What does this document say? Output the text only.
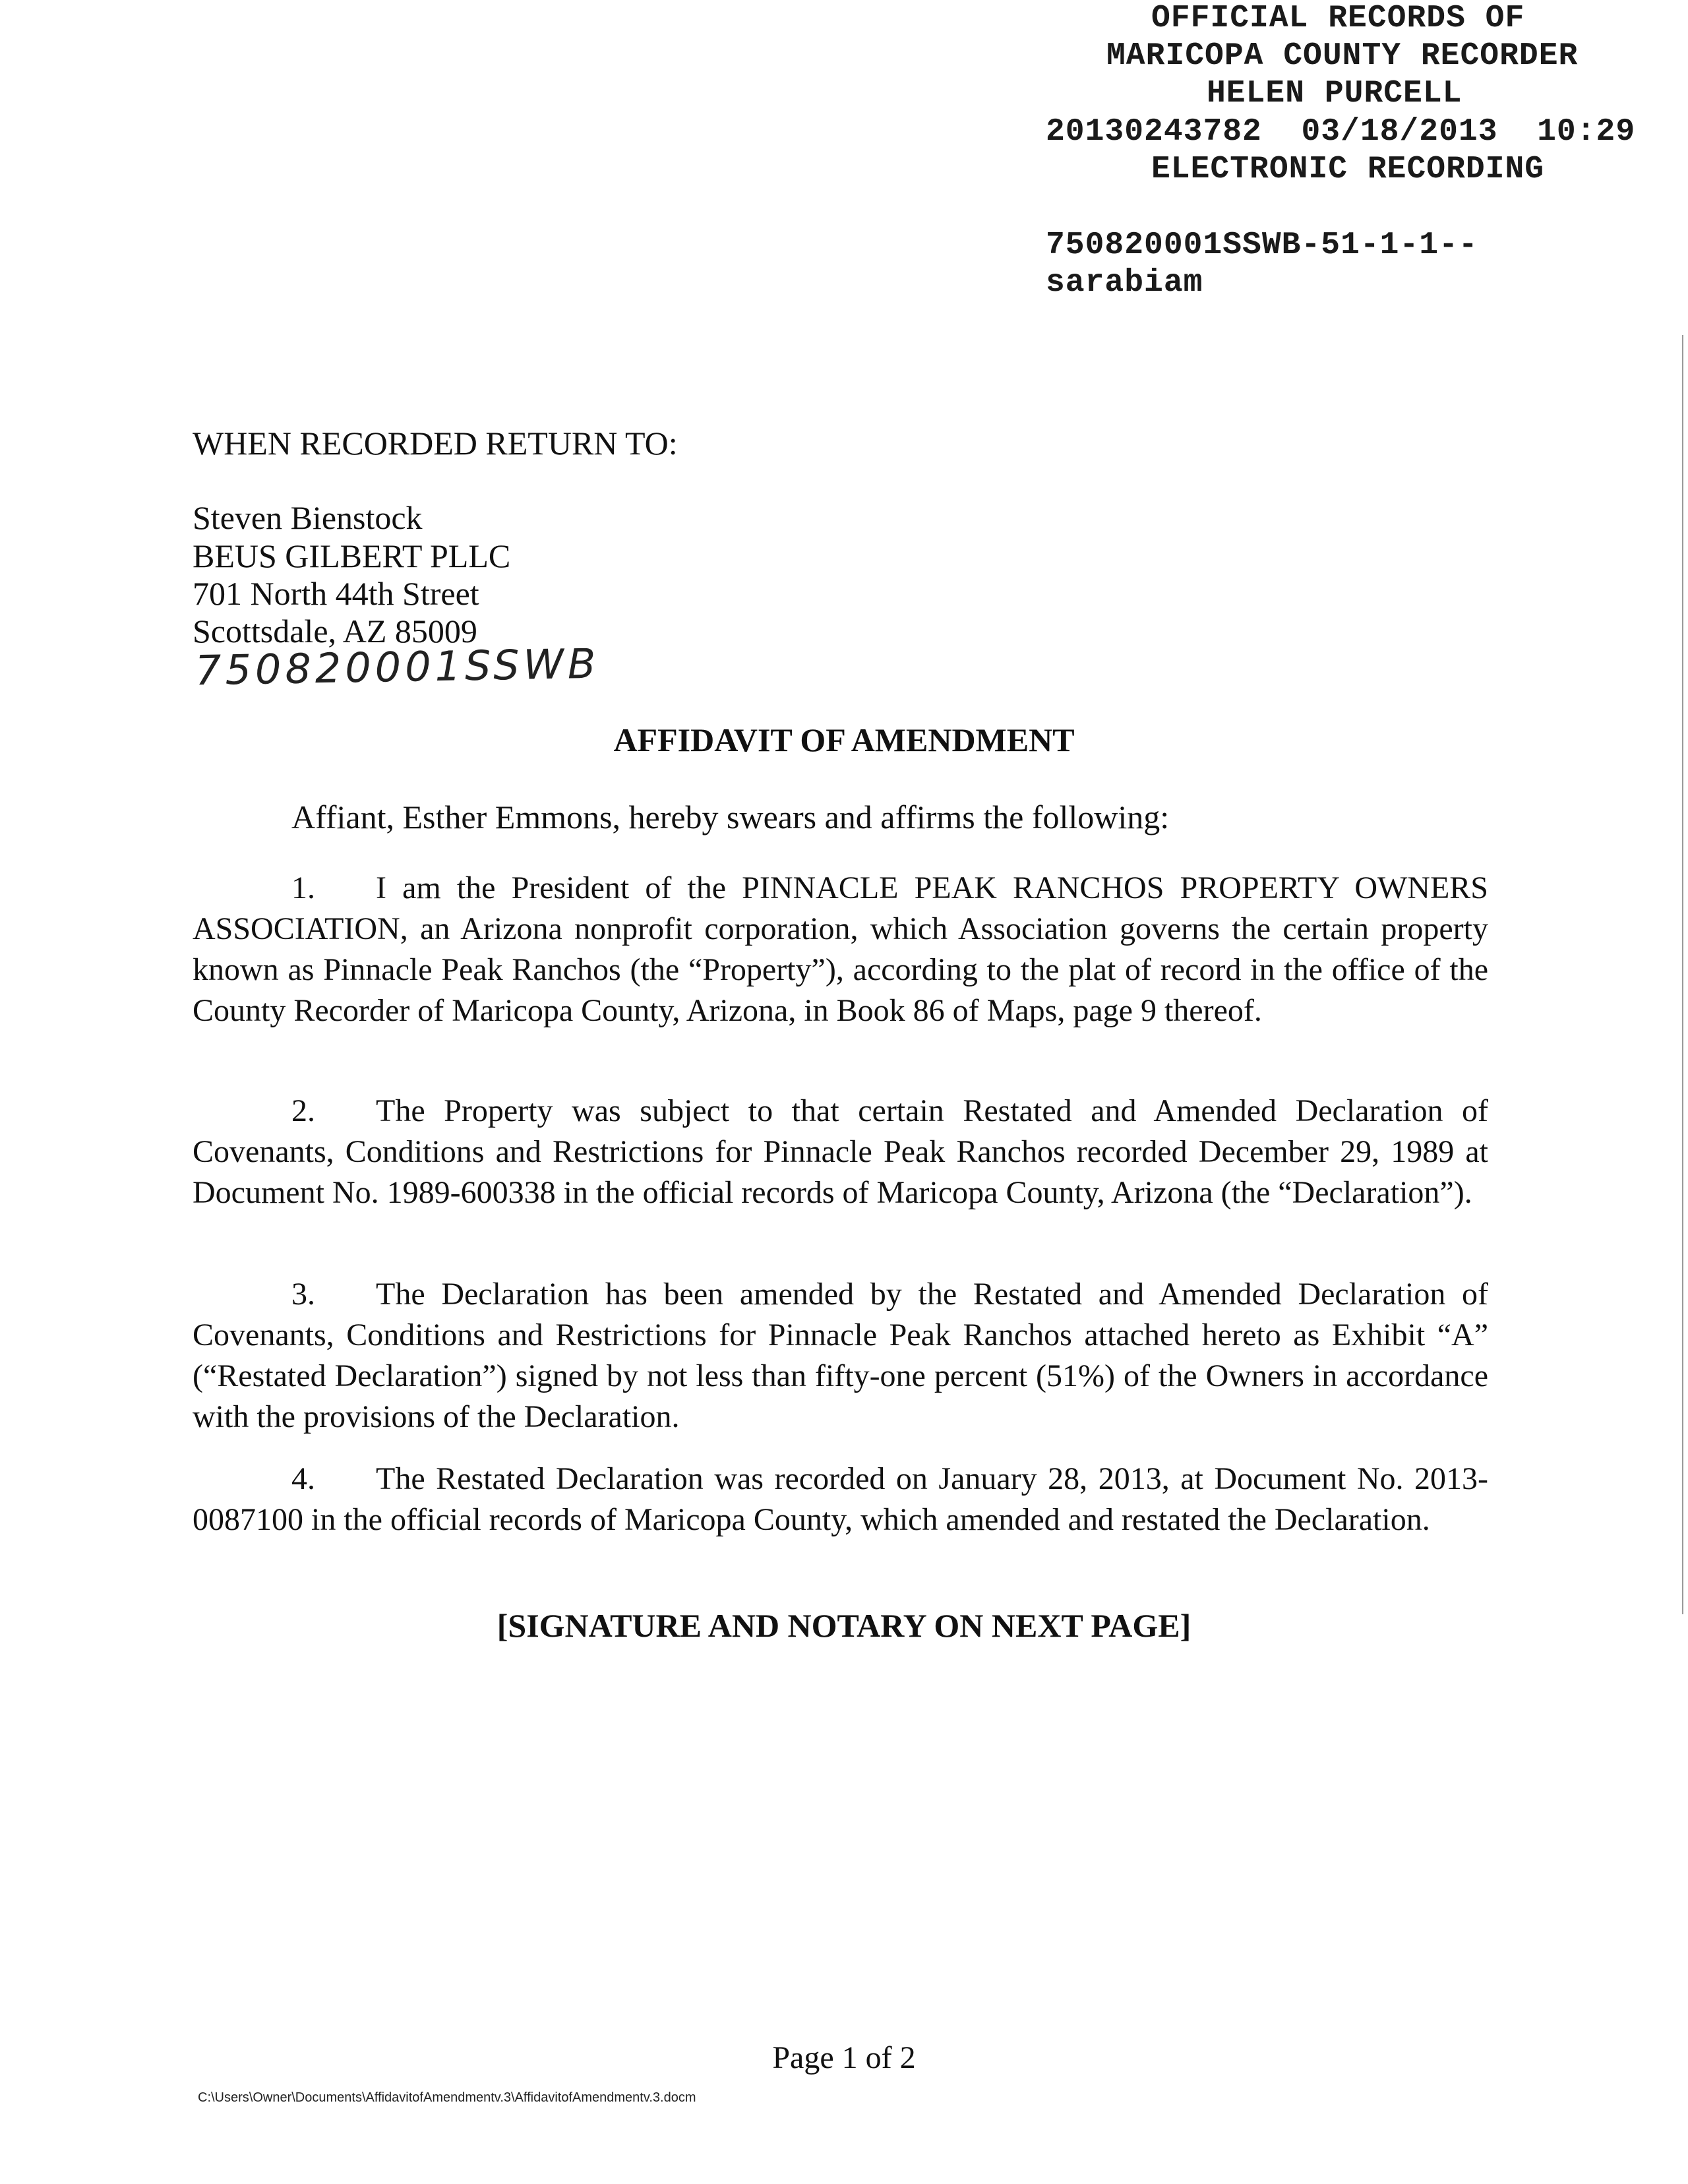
OFFICIAL RECORDS OF
MARICOPA COUNTY RECORDER
HELEN PURCELL
20130243782  03/18/2013  10:29
ELECTRONIC RECORDING
750820001SSWB-51-1-1--
sarabiam
WHEN RECORDED RETURN TO:
Steven Bienstock
BEUS GILBERT PLLC
701 North 44th Street
Scottsdale, AZ 85009
750820001SSWB
AFFIDAVIT OF AMENDMENT
Affiant, Esther Emmons, hereby swears and affirms the following:
1. I am the President of the PINNACLE PEAK RANCHOS PROPERTY OWNERS ASSOCIATION, an Arizona nonprofit corporation, which Association governs the certain property known as Pinnacle Peak Ranchos (the “Property”), according to the plat of record in the office of the County Recorder of Maricopa County, Arizona, in Book 86 of Maps, page 9 thereof.
2. The Property was subject to that certain Restated and Amended Declaration of Covenants, Conditions and Restrictions for Pinnacle Peak Ranchos recorded December 29, 1989 at Document No. 1989-600338 in the official records of Maricopa County, Arizona (the “Declaration”).
3. The Declaration has been amended by the Restated and Amended Declaration of Covenants, Conditions and Restrictions for Pinnacle Peak Ranchos attached hereto as Exhibit “A” (“Restated Declaration”) signed by not less than fifty-one percent (51%) of the Owners in accordance with the provisions of the Declaration.
4. The Restated Declaration was recorded on January 28, 2013, at Document No. 2013-0087100 in the official records of Maricopa County, which amended and restated the Declaration.
[SIGNATURE AND NOTARY ON NEXT PAGE]
Page 1 of 2
C:\Users\Owner\Documents\AffidavitofAmendmentv.3\AffidavitofAmendmentv.3.docm
